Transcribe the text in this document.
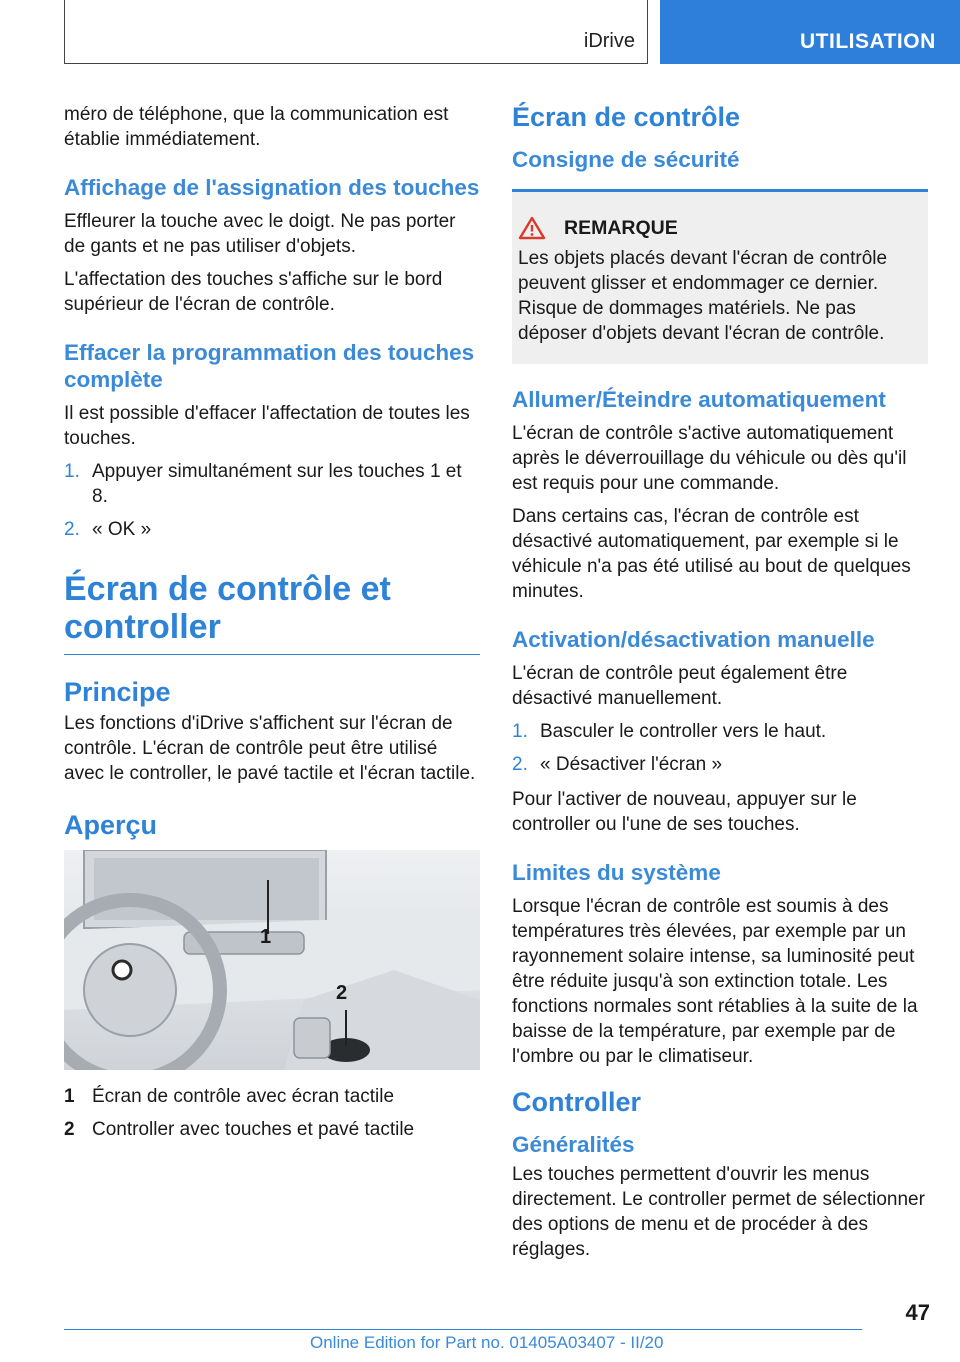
iDrive	UTILISATION

méro de téléphone, que la communication est établie immédiatement.

Affichage de l'assignation des touches

Effleurer la touche avec le doigt. Ne pas porter de gants et ne pas utiliser d'objets.

L'affectation des touches s'affiche sur le bord supérieur de l'écran de contrôle.

Effacer la programmation des touches complète

Il est possible d'effacer l'affectation de toutes les touches.

1. Appuyer simultanément sur les touches 1 et 8.
2. « OK »
Écran de contrôle et controller
Principe

Les fonctions d'iDrive s'affichent sur l'écran de contrôle. L'écran de contrôle peut être utilisé avec le controller, le pavé tactile et l'écran tactile.

Aperçu
1
2
1 Écran de contrôle avec écran tactile
2 Controller avec touches et pavé tactile
Écran de contrôle
Consigne de sécurité
REMARQUE

Les objets placés devant l'écran de contrôle peuvent glisser et endommager ce dernier. Risque de dommages matériels. Ne pas déposer d'objets devant l'écran de contrôle.

Allumer/Éteindre automatiquement

L'écran de contrôle s'active automatiquement après le déverrouillage du véhicule ou dès qu'il est requis pour une commande.

Dans certains cas, l'écran de contrôle est désactivé automatiquement, par exemple si le véhicule n'a pas été utilisé au bout de quelques minutes.

Activation/désactivation manuelle

L'écran de contrôle peut également être désactivé manuellement.

1. Basculer le controller vers le haut.
2. « Désactiver l'écran »

Pour l'activer de nouveau, appuyer sur le controller ou l'une de ses touches.

Limites du système

Lorsque l'écran de contrôle est soumis à des températures très élevées, par exemple par un rayonnement solaire intense, sa luminosité peut être réduite jusqu'à son extinction totale. Les fonctions normales sont rétablies à la suite de la baisse de la température, par exemple par de l'ombre ou par le climatiseur.

Controller
Généralités

Les touches permettent d'ouvrir les menus directement. Le controller permet de sélectionner des options de menu et de procéder à des réglages.

47
Online Edition for Part no. 01405A03407 - II/20
